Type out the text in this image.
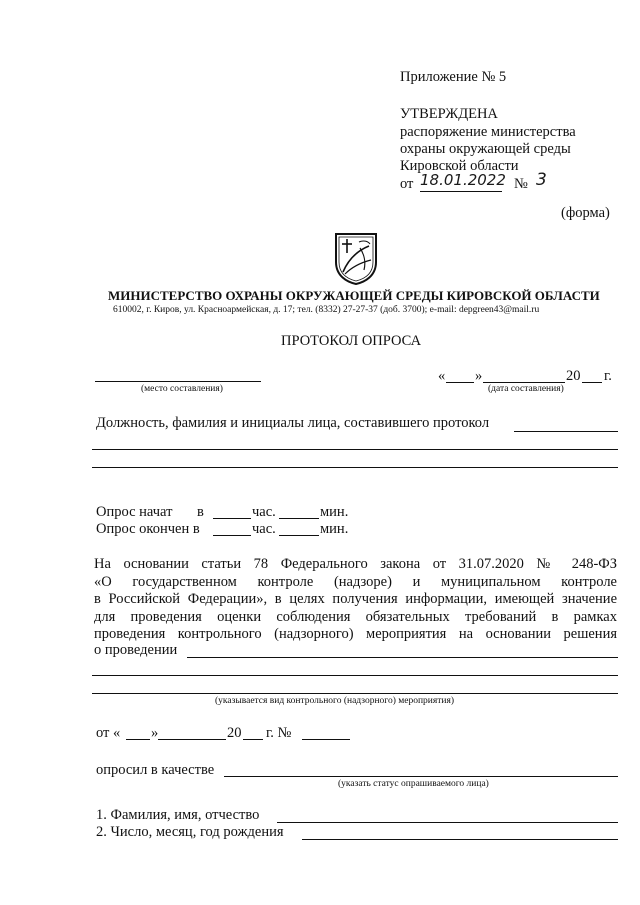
Приложение № 5
УТВЕРЖДЕНА
распоряжение министерства
охраны окружающей среды
Кировской области
от 18.01.2022 № 3
(форма)
МИНИСТЕРСТВО ОХРАНЫ ОКРУЖАЮЩЕЙ СРЕДЫ КИРОВСКОЙ ОБЛАСТИ
610002, г. Киров, ул. Красноармейская, д. 17; тел. (8332) 27-27-37 (доб. 3700); e-mail: depgreen43@mail.ru
ПРОТОКОЛ ОПРОСА
(место составления)
« »	20 г.
(дата составления)
Должность, фамилия и инициалы лица, составившего протокол
Опрос начат в	час.	мин.
Опрос окончен в	час.	мин.
На основании статьи 78 Федерального закона от 31.07.2020 № 248-ФЗ
«О государственном контроле (надзоре) и муниципальном контроле
в Российской Федерации», в целях получения информации, имеющей значение
для проведения оценки соблюдения обязательных требований в рамках
проведения контрольного (надзорного) мероприятия на основании решения
о проведении
(указывается вид контрольного (надзорного) мероприятия)
от « »	20 г. №
опросил в качестве
(указать статус опрашиваемого лица)
1. Фамилия, имя, отчество
2. Число, месяц, год рождения
